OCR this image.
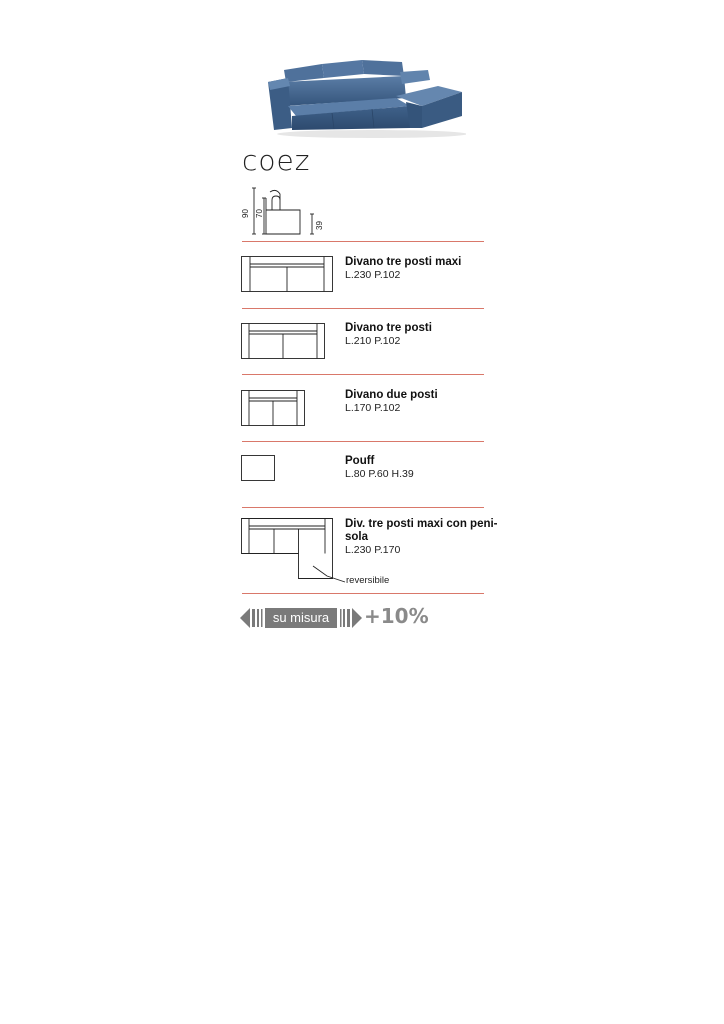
coez
90 70
39
Divano tre posti maxi
L.230 P.102
Divano tre posti
L.210 P.102
Divano due posti
L.170 P.102
Pouff
L.80 P.60 H.39
Div. tre posti maxi con peni-
sola
L.230 P.170
reversibile
su misura	+10%
